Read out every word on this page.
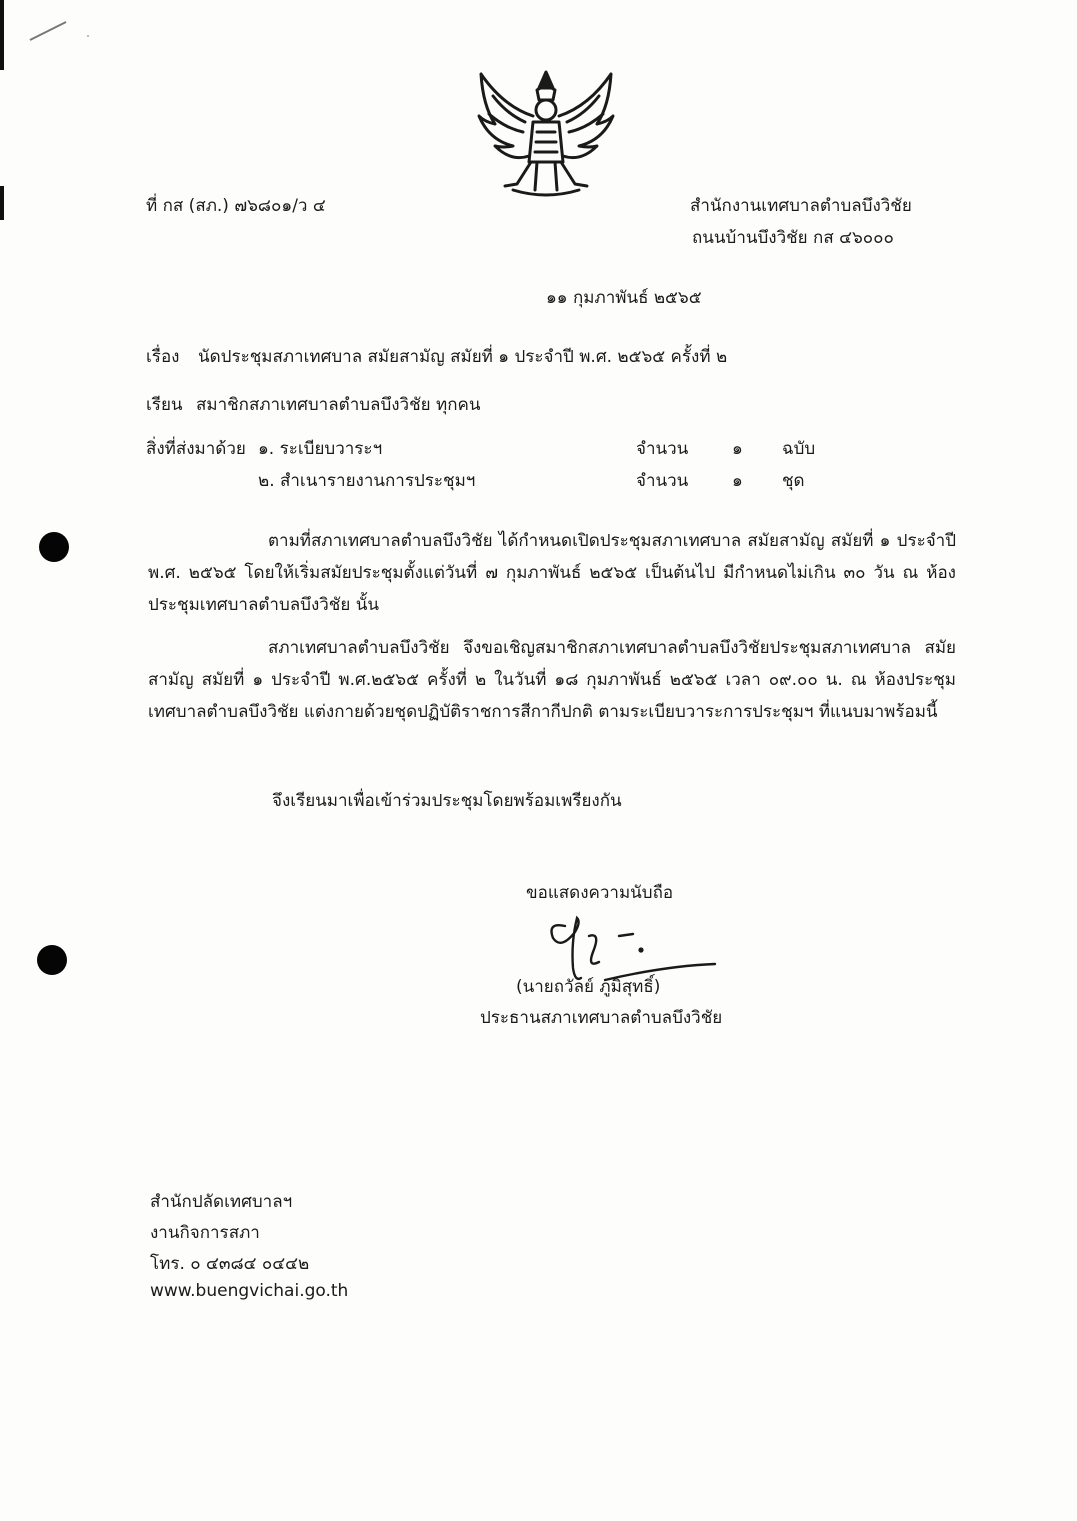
ที่ กส (สภ.) ๗๖๘๐๑/ว ๔	สำนักงานเทศบาลตำบลบึงวิชัย
ถนนบ้านบึงวิชัย กส ๔๖๐๐๐
๑๑ กุมภาพันธ์ ๒๕๖๕
เรื่อง นัดประชุมสภาเทศบาล สมัยสามัญ สมัยที่ ๑ ประจำปี พ.ศ. ๒๕๖๕ ครั้งที่ ๒
เรียน สมาชิกสภาเทศบาลตำบลบึงวิชัย ทุกคน
สิ่งที่ส่งมาด้วย ๑. ระเบียบวาระฯ	จำนวน	๑ ฉบับ
๒. สำเนารายงานการประชุมฯ	จำนวน	๑ ชุด
ตามที่สภาเทศบาลตำบลบึงวิชัย ได้กำหนดเปิดประชุมสภาเทศบาล สมัยสามัญ สมัยที่ ๑ ประจำปี พ.ศ. ๒๕๖๕ โดยให้เริ่มสมัยประชุมตั้งแต่วันที่ ๗ กุมภาพันธ์ ๒๕๖๕ เป็นต้นไป มีกำหนดไม่เกิน ๓๐ วัน ณ ห้องประชุมเทศบาลตำบลบึงวิชัย นั้น
สภาเทศบาลตำบลบึงวิชัย จึงขอเชิญสมาชิกสภาเทศบาลตำบลบึงวิชัยประชุมสภาเทศบาล สมัยสามัญ สมัยที่ ๑ ประจำปี พ.ศ.๒๕๖๕ ครั้งที่ ๒ ในวันที่ ๑๘ กุมภาพันธ์ ๒๕๖๕ เวลา ๐๙.๐๐ น. ณ ห้องประชุมเทศบาลตำบลบึงวิชัย แต่งกายด้วยชุดปฏิบัติราชการสีกากีปกติ ตามระเบียบวาระการประชุมฯ ที่แนบมาพร้อมนี้
จึงเรียนมาเพื่อเข้าร่วมประชุมโดยพร้อมเพรียงกัน
ขอแสดงความนับถือ
(นายถวัลย์ ภูมิสุทธิ์)
ประธานสภาเทศบาลตำบลบึงวิชัย
สำนักปลัดเทศบาลฯ
งานกิจการสภา
โทร. ๐ ๔๓๘๔ ๐๔๔๒
www.buengvichai.go.th
